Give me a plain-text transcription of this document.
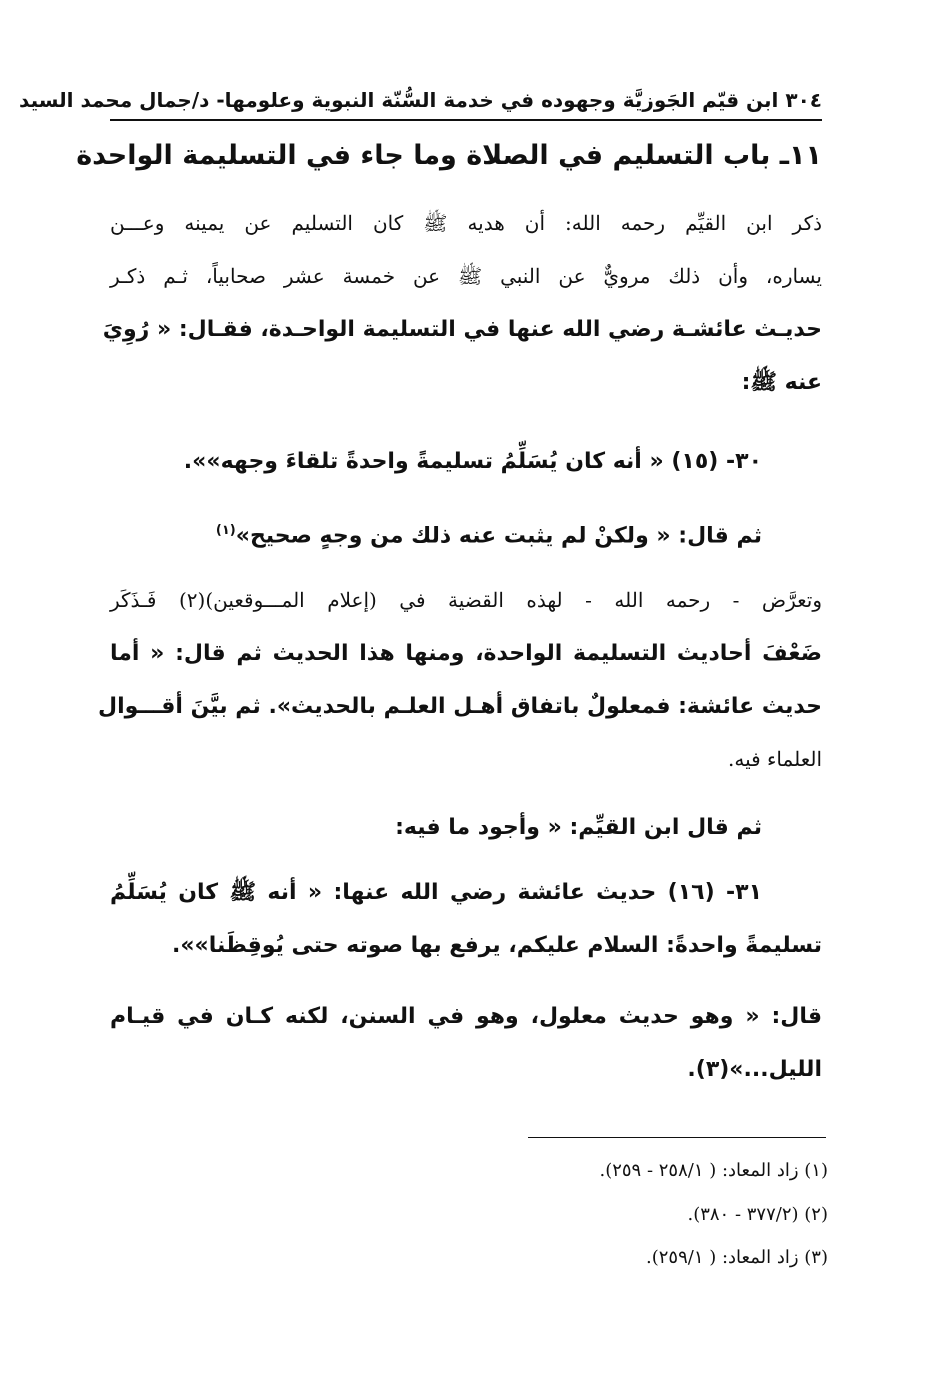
٣٠٤ ابن قيّم الجَوزيَّة وجهوده في خدمة السُّنّة النبوية وعلومها- د/جمال محمد السيد
١١ـ باب التسليم في الصلاة وما جاء في التسليمة الواحدة
ذكر ابن القيِّم رحمه الله: أن هديه ﷺ كان التسليم عن يمينه وعـــن
يساره، وأن ذلك مرويٌّ عن النبي ﷺ عن خمسة عشر صحابياً، ثـم ذكـر
حديـث عائشـة رضي الله عنها في التسليمة الواحـدة، فقـال: « رُوِيَ
عنه ﷺ:
٣٠- (١٥) « أنه كان يُسَلِّمُ تسليمةً واحدةً تلقاءَ وجهه»».
ثم قال: « ولكنْ لم يثبت عنه ذلك من وجهٍ صحيح»$^{(١)}$
وتعرَّض - رحمه الله - لهذه القضية في (إعلام المـــوقعين)(٢) فَـذَكَر
ضَعْفَ أحاديث التسليمة الواحدة، ومنها هذا الحديث ثم قال: « أما
حديث عائشة: فمعلولٌ باتفاق أهـل العلـم بالحديث». ثم بيَّنَ أقـــوال
العلماء فيه.
ثم قال ابن القيِّم: « وأجود ما فيه:
٣١- (١٦) حديث عائشة رضي الله عنها: « أنه ﷺ كان يُسَلِّمُ
تسليمةً واحدةً: السلام عليكم، يرفع بها صوته حتى يُوقِظَنا»».
قال: « وهو حديث معلول، وهو في السنن، لكنه كـان في قيـام
الليل...»(٣).
(١) زاد المعاد: ( ٢٥٨/١ - ٢٥٩).
(٢) (٣٧٧/٢ - ٣٨٠).
(٣) زاد المعاد: ( ٢٥٩/١).
